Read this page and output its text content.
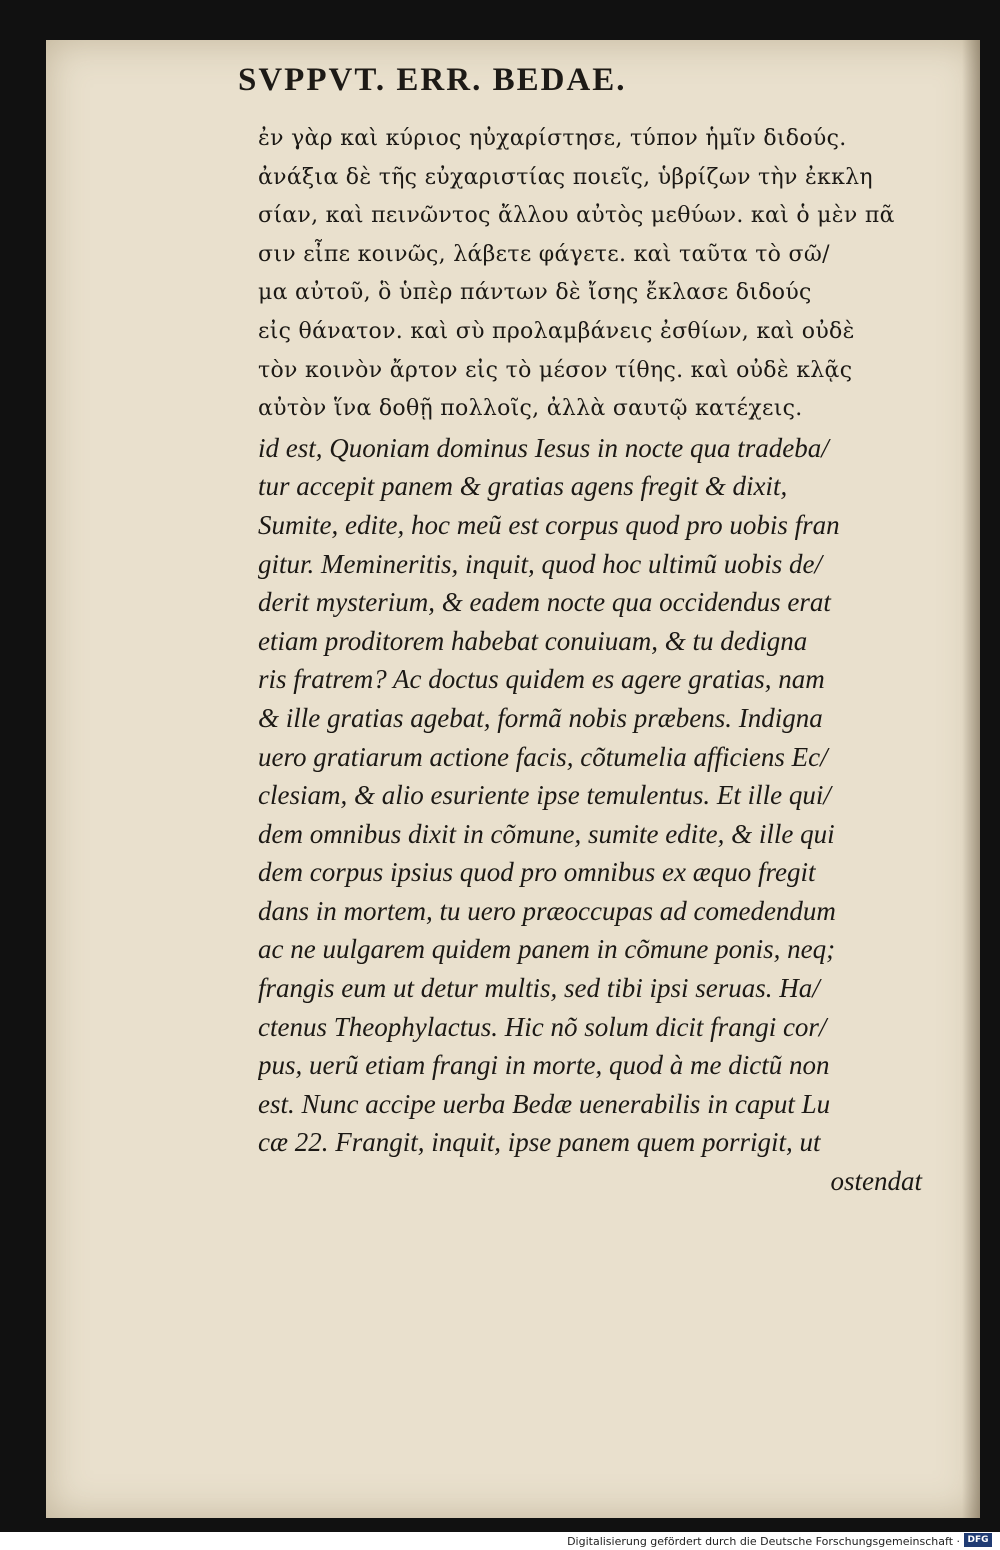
SVPPVT. ERR. BEDAE.
ἐν γὰρ καὶ κύριος ηὐχαρίστησε, τύπον ἡμῖν διδούς.
ἀνάξια δὲ τῆς εὐχαριστίας ποιεῖς, ὑβρίζων τὴν ἐκκλη
σίαν, καὶ πεινῶντος ἄλλου αὐτὸς μεθύων. καὶ ὁ μὲν πᾶ
σιν εἶπε κοινῶς, λάβετε φάγετε. καὶ ταῦτα τὸ σῶ/
μα αὐτοῦ, ὃ ὑπὲρ πάντων δὲ ἴσης ἔκλασε διδούς
εἰς θάνατον. καὶ σὺ προλαμβάνεις ἐσθίων, καὶ οὐδὲ
τὸν κοινὸν ἄρτον εἰς τὸ μέσον τίθης. καὶ οὐδὲ κλᾷς
αὐτὸν ἵνα δοθῇ πολλοῖς, ἀλλὰ σαυτῷ κατέχεις.
id est, Quoniam dominus Iesus in nocte qua tradeba/
tur accepit panem & gratias agens fregit & dixit,
Sumite, edite, hoc meũ est corpus quod pro uobis fran
gitur. Memineritis, inquit, quod hoc ultimũ uobis de/
derit mysterium, & eadem nocte qua occidendus erat
etiam proditorem habebat conuiuam, & tu dedigna
ris fratrem? Ac doctus quidem es agere gratias, nam
& ille gratias agebat, formã nobis præbens. Indigna
uero gratiarum actione facis, cõtumelia afficiens Ec/
clesiam, & alio esuriente ipse temulentus. Et ille qui/
dem omnibus dixit in cõmune, sumite edite, & ille qui
dem corpus ipsius quod pro omnibus ex æquo fregit
dans in mortem, tu uero præoccupas ad comedendum
ac ne uulgarem quidem panem in cõmune ponis, neq;
frangis eum ut detur multis, sed tibi ipsi seruas. Ha/
ctenus Theophylactus. Hic nõ solum dicit frangi cor/
pus, uerũ etiam frangi in morte, quod à me dictũ non
est. Nunc accipe uerba Bedæ uenerabilis in caput Lu
cæ 22. Frangit, inquit, ipse panem quem porrigit, ut
ostendat
Digitalisierung gefördert durch die Deutsche Forschungsgemeinschaft · DFG
